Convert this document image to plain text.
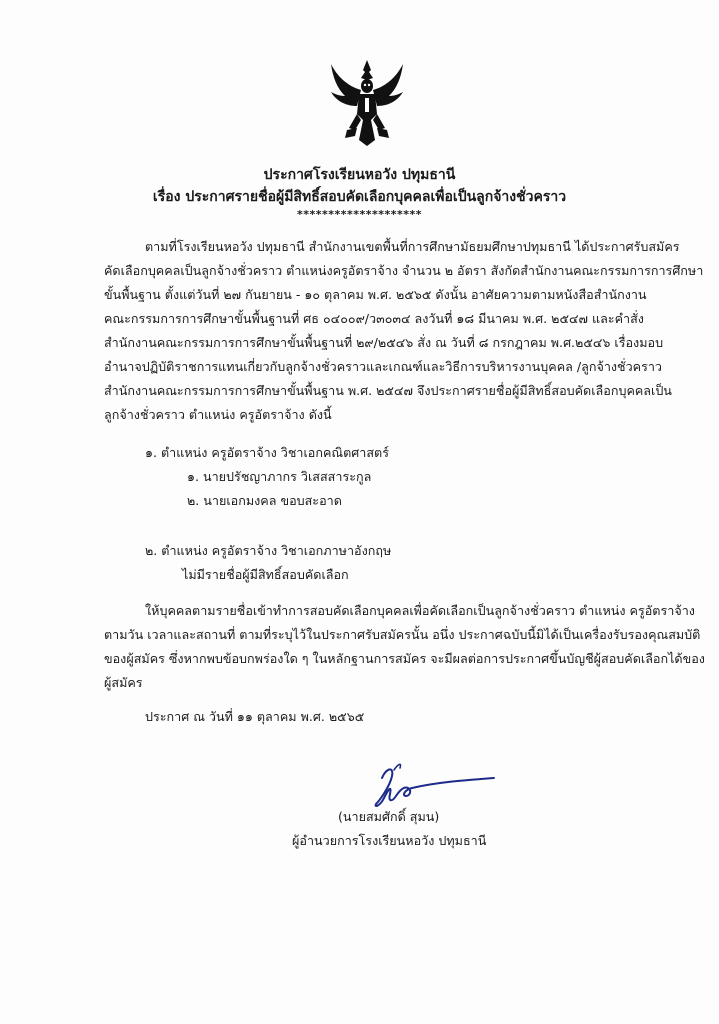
ประกาศโรงเรียนหอวัง ปทุมธานี
เรื่อง ประกาศรายชื่อผู้มีสิทธิ์สอบคัดเลือกบุคคลเพื่อเป็นลูกจ้างชั่วคราว
********************
ตามที่โรงเรียนหอวัง ปทุมธานี สำนักงานเขตพื้นที่การศึกษามัธยมศึกษาปทุมธานี ได้ประกาศรับสมัคร
คัดเลือกบุคคลเป็นลูกจ้างชั่วคราว ตำแหน่งครูอัตราจ้าง จำนวน ๒ อัตรา สังกัดสำนักงานคณะกรรมการการศึกษา
ขั้นพื้นฐาน ตั้งแต่วันที่ ๒๗ กันยายน - ๑๐ ตุลาคม พ.ศ. ๒๕๖๕ ดังนั้น อาศัยความตามหนังสือสำนักงาน
คณะกรรมการการศึกษาขั้นพื้นฐานที่ ศธ ๐๔๐๐๙/ว๓๐๓๔ ลงวันที่ ๑๘ มีนาคม พ.ศ. ๒๕๔๗ และคำสั่ง
สำนักงานคณะกรรมการการศึกษาขั้นพื้นฐานที่ ๒๙/๒๕๔๖ สั่ง ณ วันที่ ๘ กรกฎาคม พ.ศ.๒๕๔๖ เรื่องมอบ
อำนาจปฏิบัติราชการแทนเกี่ยวกับลูกจ้างชั่วคราวและเกณฑ์และวิธีการบริหารงานบุคคล /ลูกจ้างชั่วคราว
สำนักงานคณะกรรมการการศึกษาขั้นพื้นฐาน พ.ศ. ๒๕๔๗ จึงประกาศรายชื่อผู้มีสิทธิ์สอบคัดเลือกบุคคลเป็น
ลูกจ้างชั่วคราว ตำแหน่ง ครูอัตราจ้าง ดังนี้
๑. ตำแหน่ง ครูอัตราจ้าง วิชาเอกคณิตศาสตร์
๑. นายปรัชญาภากร วิเสสสาระกูล
๒. นายเอกมงคล ขอบสะอาด
๒. ตำแหน่ง ครูอัตราจ้าง วิชาเอกภาษาอังกฤษ
ไม่มีรายชื่อผู้มีสิทธิ์สอบคัดเลือก
ให้บุคคลตามรายชื่อเข้าทำการสอบคัดเลือกบุคคลเพื่อคัดเลือกเป็นลูกจ้างชั่วคราว ตำแหน่ง ครูอัตราจ้าง
ตามวัน เวลาและสถานที่ ตามที่ระบุไว้ในประกาศรับสมัครนั้น อนึ่ง ประกาศฉบับนี้มิได้เป็นเครื่องรับรองคุณสมบัติ
ของผู้สมัคร ซึ่งหากพบข้อบกพร่องใด ๆ ในหลักฐานการสมัคร จะมีผลต่อการประกาศขึ้นบัญชีผู้สอบคัดเลือกได้ของ
ผู้สมัคร
ประกาศ ณ วันที่ ๑๑ ตุลาคม พ.ศ. ๒๕๖๕
(นายสมศักดิ์ สุมน)
ผู้อำนวยการโรงเรียนหอวัง ปทุมธานี
